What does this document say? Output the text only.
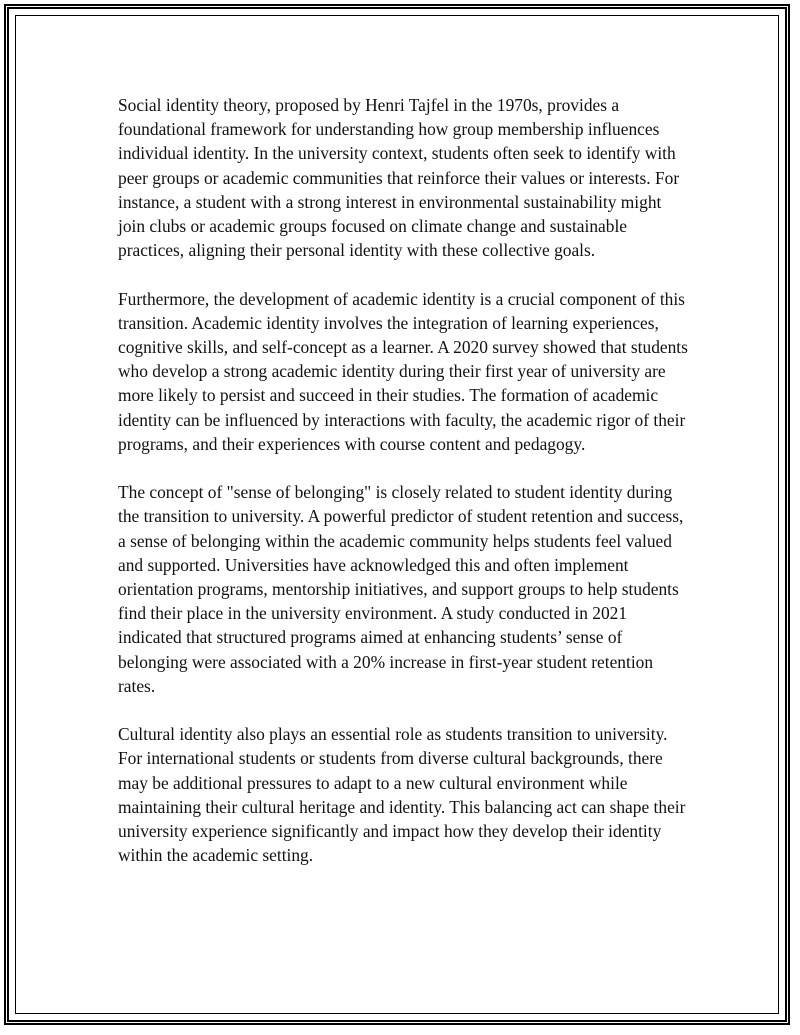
Social identity theory, proposed by Henri Tajfel in the 1970s, provides a foundational framework for understanding how group membership influences individual identity. In the university context, students often seek to identify with peer groups or academic communities that reinforce their values or interests. For instance, a student with a strong interest in environmental sustainability might join clubs or academic groups focused on climate change and sustainable practices, aligning their personal identity with these collective goals.

Furthermore, the development of academic identity is a crucial component of this transition. Academic identity involves the integration of learning experiences, cognitive skills, and self-concept as a learner. A 2020 survey showed that students who develop a strong academic identity during their first year of university are more likely to persist and succeed in their studies. The formation of academic identity can be influenced by interactions with faculty, the academic rigor of their programs, and their experiences with course content and pedagogy.

The concept of "sense of belonging" is closely related to student identity during the transition to university. A powerful predictor of student retention and success, a sense of belonging within the academic community helps students feel valued and supported. Universities have acknowledged this and often implement orientation programs, mentorship initiatives, and support groups to help students find their place in the university environment. A study conducted in 2021 indicated that structured programs aimed at enhancing students’ sense of belonging were associated with a 20% increase in first-year student retention rates.

Cultural identity also plays an essential role as students transition to university. For international students or students from diverse cultural backgrounds, there may be additional pressures to adapt to a new cultural environment while maintaining their cultural heritage and identity. This balancing act can shape their university experience significantly and impact how they develop their identity within the academic setting.
